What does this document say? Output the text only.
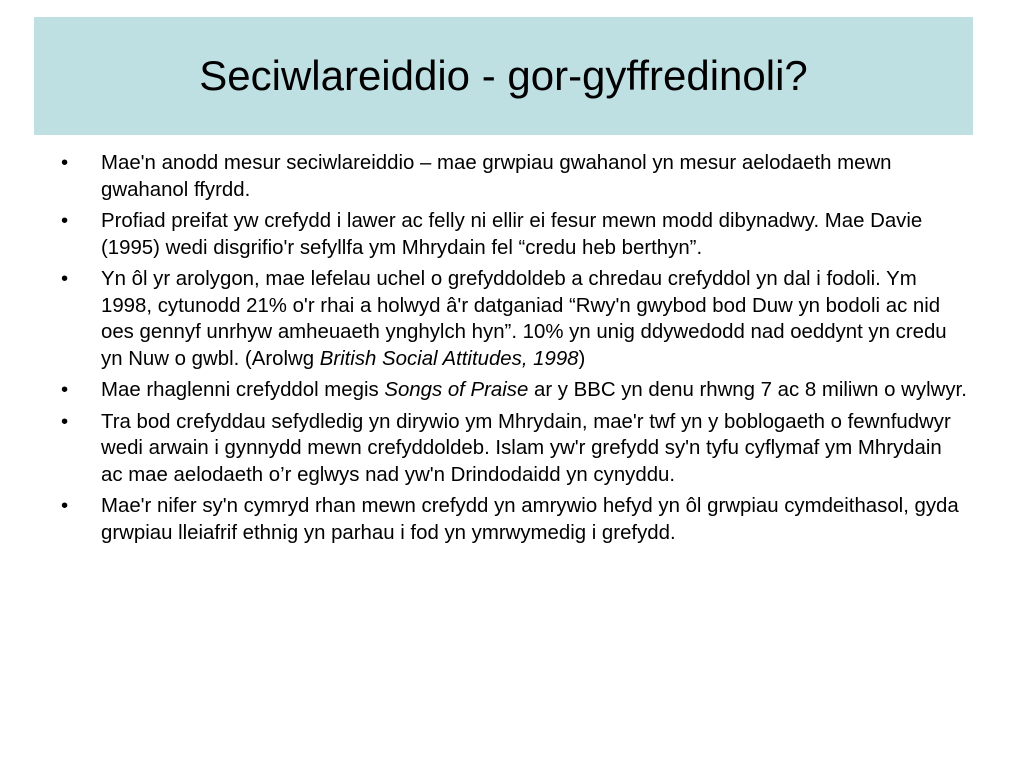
Seciwlareiddio - gor-gyffredinoli?
• Mae'n anodd mesur seciwlareiddio – mae grwpiau gwahanol yn mesur aelodaeth mewn gwahanol ffyrdd.
• Profiad preifat yw crefydd i lawer ac felly ni ellir ei fesur mewn modd dibynadwy. Mae Davie (1995) wedi disgrifio'r sefyllfa ym Mhrydain fel “credu heb berthyn”.
• Yn ôl yr arolygon, mae lefelau uchel o grefyddoldeb a chredau crefyddol yn dal i fodoli. Ym 1998, cytunodd 21% o'r rhai a holwyd â'r datganiad “Rwy'n gwybod bod Duw yn bodoli ac nid oes gennyf unrhyw amheuaeth ynghylch hyn”. 10% yn unig ddywedodd nad oeddynt yn credu yn Nuw o gwbl. (Arolwg British Social Attitudes, 1998)
• Mae rhaglenni crefyddol megis Songs of Praise ar y BBC yn denu rhwng 7 ac 8 miliwn o wylwyr.
• Tra bod crefyddau sefydledig yn dirywio ym Mhrydain, mae'r twf yn y boblogaeth o fewnfudwyr wedi arwain i gynnydd mewn crefyddoldeb. Islam yw'r grefydd sy'n tyfu cyflymaf ym Mhrydain ac mae aelodaeth o’r eglwys nad yw'n Drindodaidd yn cynyddu.
• Mae'r nifer sy'n cymryd rhan mewn crefydd yn amrywio hefyd yn ôl grwpiau cymdeithasol, gyda grwpiau lleiafrif ethnig yn parhau i fod yn ymrwymedig i grefydd.
